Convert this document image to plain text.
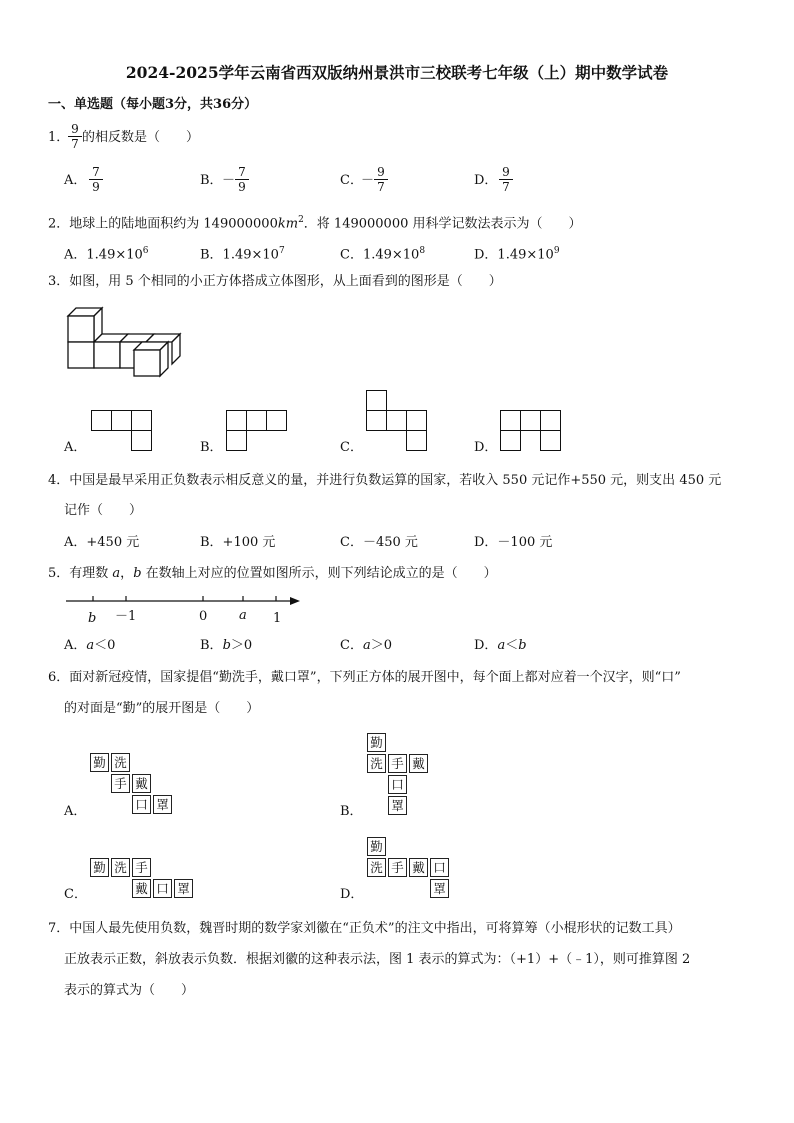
2024-2025学年云南省西双版纳州景洪市三校联考七年级（上）期中数学试卷
一、单选题（每小题3分，共36分）
1．
$\frac{9}{7}$ 的相反数是（　　）
A． $\frac{7}{9}$	B． － $\frac{7}{9}$	C．
－ $\frac{9}{7}$	D． $\frac{9}{7}$
2．地球上的陆地面积约为 $149000000km^2$．将 149000000 用科学记数法表示为（　　）
A．$1.49\times 10^6$	B．$1.49\times 10^7$	C．$1.49\times 10^8$	D．$1.49\times 10^9$
3．如图，用 5 个相同的小正方体搭成立体图形，从上面看到的图形是（　　）
A．	B．	C．	D．
4．中国是最早采用正负数表示相反意义的量，并进行负数运算的国家，若收入 550 元记作+550 元，则支出 450 元
记作（　　）
A．+450 元	B．+100 元	C．－450 元	D．－100 元
5．有理数 a，b 在数轴上对应的位置如图所示，则下列结论成立的是（　　）
b －1	0 a 1
A．a＜0	B．b＞0	C．a＞0	D．a＜b
6．面对新冠疫情，国家提倡“勤洗手，戴口罩”，下列正方体的展开图中，每个面上都对应着一个汉字，则“口”
的对面是“勤”的展开图是（　　）
A．
勤 洗
手 戴
口 罩	B．
勤
洗 手 戴
口
罩
C．
勤 洗 手
戴 口 罩	D．
勤
洗 手 戴 口
罩
7．中国人最先使用负数，魏晋时期的数学家刘徽在“正负术”的注文中指出，可将算筹（小棍形状的记数工具）
正放表示正数，斜放表示负数．根据刘徽的这种表示法，图 1 表示的算式为：（+1）+（﹣1），则可推算图 2
表示的算式为（　　）
